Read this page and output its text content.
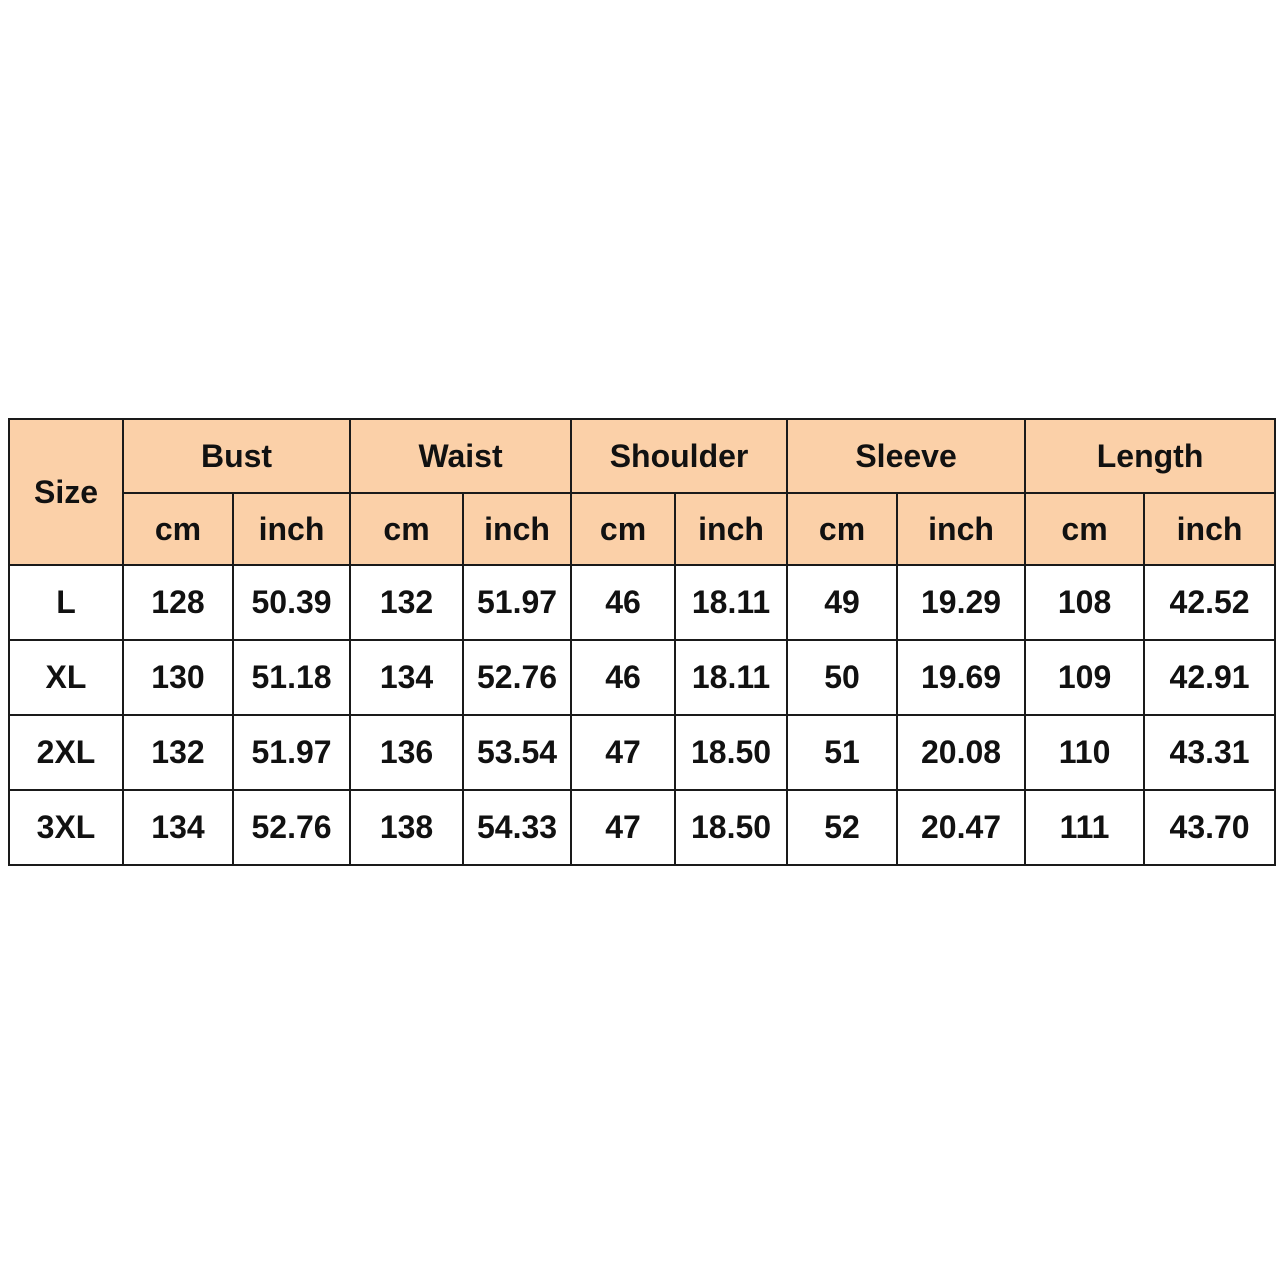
Size	Bust		Waist		Shoulder		Sleeve		Length	
	cm	inch	cm	inch	cm	inch	cm	inch	cm	inch
L	128	50.39	132	51.97	46	18.11	49	19.29	108	42.52
XL	130	51.18	134	52.76	46	18.11	50	19.69	109	42.91
2XL	132	51.97	136	53.54	47	18.50	51	20.08	110	43.31
3XL	134	52.76	138	54.33	47	18.50	52	20.47	111	43.70
